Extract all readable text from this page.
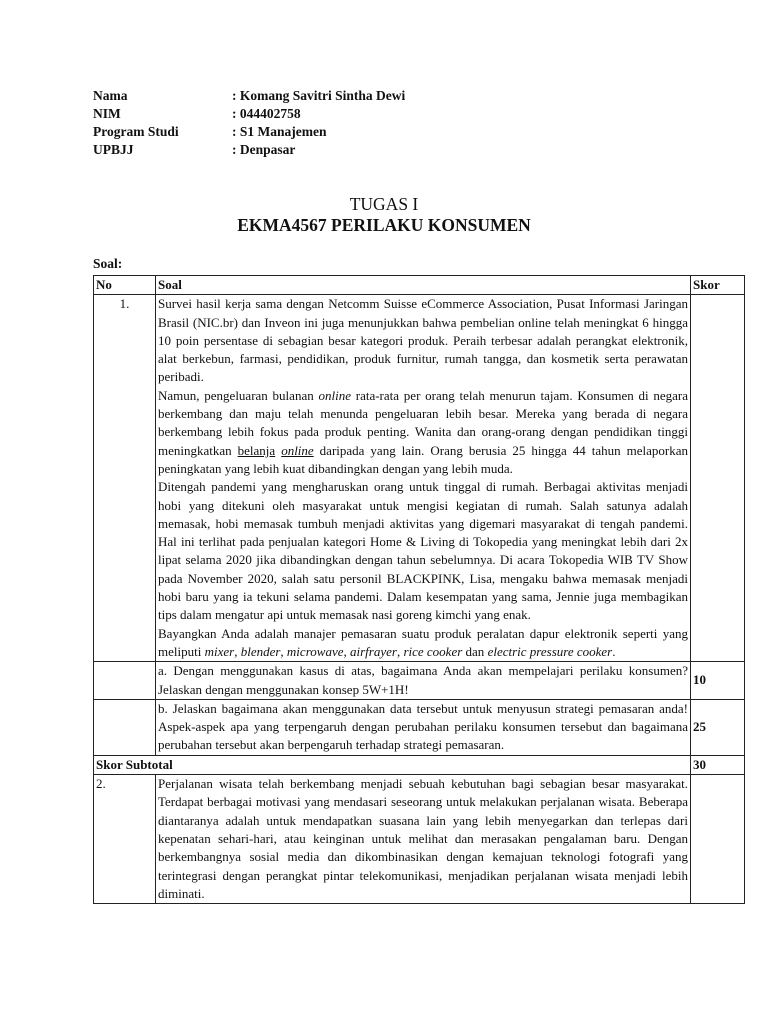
Nama	: Komang Savitri Sintha Dewi
NIM	: 044402758
Program Studi	: S1 Manajemen
UPBJJ	: Denpasar
TUGAS I
EKMA4567 PERILAKU KONSUMEN
Soal:
No	Soal	Skor
1.	Survei hasil kerja sama dengan Netcomm Suisse eCommerce Association, Pusat Informasi Jaringan Brasil (NIC.br) dan Inveon ini juga menunjukkan bahwa pembelian online telah meningkat 6 hingga 10 poin persentase di sebagian besar kategori produk. Peraih terbesar adalah perangkat elektronik, alat berkebun, farmasi, pendidikan, produk furnitur, rumah tangga, dan kosmetik serta perawatan peribadi.

Namun, pengeluaran bulanan online rata-rata per orang telah menurun tajam. Konsumen di negara berkembang dan maju telah menunda pengeluaran lebih besar. Mereka yang berada di negara berkembang lebih fokus pada produk penting. Wanita dan orang-orang dengan pendidikan tinggi meningkatkan belanja online daripada yang lain. Orang berusia 25 hingga 44 tahun melaporkan peningkatan yang lebih kuat dibandingkan dengan yang lebih muda.

Ditengah pandemi yang mengharuskan orang untuk tinggal di rumah. Berbagai aktivitas menjadi hobi yang ditekuni oleh masyarakat untuk mengisi kegiatan di rumah. Salah satunya adalah memasak, hobi memasak tumbuh menjadi aktivitas yang digemari masyarakat di tengah pandemi. Hal ini terlihat pada penjualan kategori Home & Living di Tokopedia yang meningkat lebih dari 2x lipat selama 2020 jika dibandingkan dengan tahun sebelumnya. Di acara Tokopedia WIB TV Show pada November 2020, salah satu personil BLACKPINK, Lisa, mengaku bahwa memasak menjadi hobi baru yang ia tekuni selama pandemi. Dalam kesempatan yang sama, Jennie juga membagikan tips dalam mengatur api untuk memasak nasi goreng kimchi yang enak.

Bayangkan Anda adalah manajer pemasaran suatu produk peralatan dapur elektronik seperti yang meliputi mixer, blender, microwave, airfrayer, rice cooker dan electric pressure cooker.	

	a. Dengan menggunakan kasus di atas, bagaimana Anda akan mempelajari perilaku konsumen? Jelaskan dengan menggunakan konsep 5W+1H!	10
	b. Jelaskan bagaimana akan menggunakan data tersebut untuk menyusun strategi pemasaran anda! Aspek-aspek apa yang terpengaruh dengan perubahan perilaku konsumen tersebut dan bagaimana perubahan tersebut akan berpengaruh terhadap strategi pemasaran.	25
Skor Subtotal		30
2.	Perjalanan wisata telah berkembang menjadi sebuah kebutuhan bagi sebagian besar masyarakat. Terdapat berbagai motivasi yang mendasari seseorang untuk melakukan perjalanan wisata. Beberapa diantaranya adalah untuk mendapatkan suasana lain yang lebih menyegarkan dan terlepas dari kepenatan sehari-hari, atau keinginan untuk melihat dan merasakan pengalaman baru. Dengan berkembangnya sosial media dan dikombinasikan dengan kemajuan teknologi fotografi yang terintegrasi dengan perangkat pintar telekomunikasi, menjadikan perjalanan wisata menjadi lebih diminati.	
